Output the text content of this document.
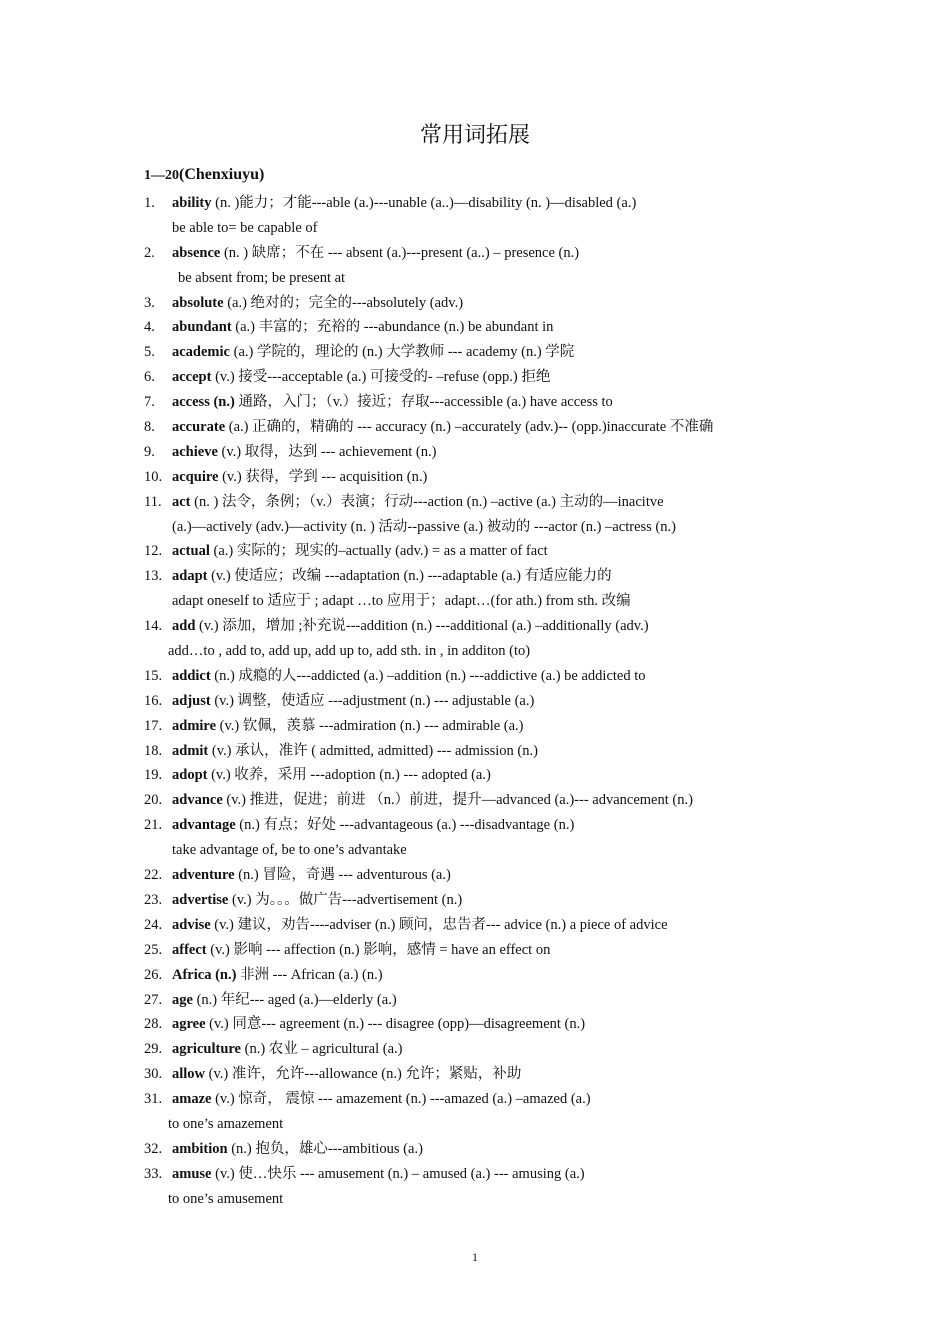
常用词拓展
1—20(Chenxiuyu)
1.	ability (n. )能力；才能---able (a.)---unable (a..)—disability (n. )—disabled (a.)
be able to= be capable of
2.	absence (n. ) 缺席；不在 --- absent (a.)---present (a..) – presence (n.)
be absent from; be present at
3.	absolute (a.) 绝对的；完全的---absolutely (adv.)
4.	abundant (a.) 丰富的；充裕的 ---abundance (n.) be abundant in
5.	academic (a.) 学院的，理论的 (n.) 大学教师 --- academy (n.) 学院
6.	accept (v.) 接受---acceptable (a.) 可接受的- –refuse (opp.) 拒绝
7.	access (n.) 通路，入门；（v.）接近；存取---accessible (a.) have access to
8.	accurate (a.) 正确的，精确的 --- accuracy (n.) –accurately (adv.)-- (opp.)inaccurate 不准确
9.	achieve (v.) 取得，达到 --- achievement (n.)
10. acquire (v.) 获得，学到 --- acquisition (n.)
11. act (n. ) 法令，条例；（v.）表演；行动---action (n.) –active (a.) 主动的—inacitve
(a.)—actively (adv.)—activity (n. ) 活动--passive (a.) 被动的 ---actor (n.) –actress (n.)
12. actual (a.) 实际的；现实的–actually (adv.) = as a matter of fact
13. adapt (v.) 使适应；改编 ---adaptation (n.) ---adaptable (a.) 有适应能力的
adapt oneself to 适应于 ; adapt …to 应用于；adapt…(for ath.) from sth. 改编
14. add (v.) 添加，增加 ;补充说---addition (n.) ---additional (a.) –additionally (adv.)
add…to , add to, add up, add up to, add sth. in , in additon (to)
15. addict (n.) 成瘾的人---addicted (a.) –addition (n.) ---addictive (a.) be addicted to
16. adjust (v.) 调整，使适应 ---adjustment (n.) --- adjustable (a.)
17. admire (v.) 钦佩，羡慕 ---admiration (n.) --- admirable (a.)
18. admit (v.) 承认，准许 ( admitted, admitted) --- admission (n.)
19. adopt (v.) 收养，采用 ---adoption (n.) --- adopted (a.)
20. advance (v.) 推进，促进；前进 （n.）前进，提升—advanced (a.)--- advancement (n.)
21. advantage (n.) 有点；好处 ---advantageous (a.) ---disadvantage (n.)
take advantage of, be to one’s advantake
22. adventure (n.) 冒险，奇遇 --- adventurous (a.)
23. advertise (v.) 为。。。做广告---advertisement (n.)
24. advise (v.) 建议，劝告----adviser (n.) 顾问，忠告者--- advice (n.) a piece of advice
25. affect (v.) 影响 --- affection (n.) 影响，感情 = have an effect on
26. Africa (n.) 非洲 --- African (a.) (n.)
27. age (n.) 年纪--- aged (a.)—elderly (a.)
28. agree (v.) 同意--- agreement (n.) --- disagree (opp)—disagreement (n.)
29. agriculture (n.) 农业 – agricultural (a.)
30. allow (v.) 准许，允许---allowance (n.) 允许；紧贴，补助
31. amaze (v.) 惊奇， 震惊 --- amazement (n.) ---amazed (a.) –amazed (a.)
to one’s amazement
32. ambition (n.) 抱负，雄心---ambitious (a.)
33. amuse (v.) 使…快乐 --- amusement (n.) – amused (a.) --- amusing (a.)
to one’s amusement
1
